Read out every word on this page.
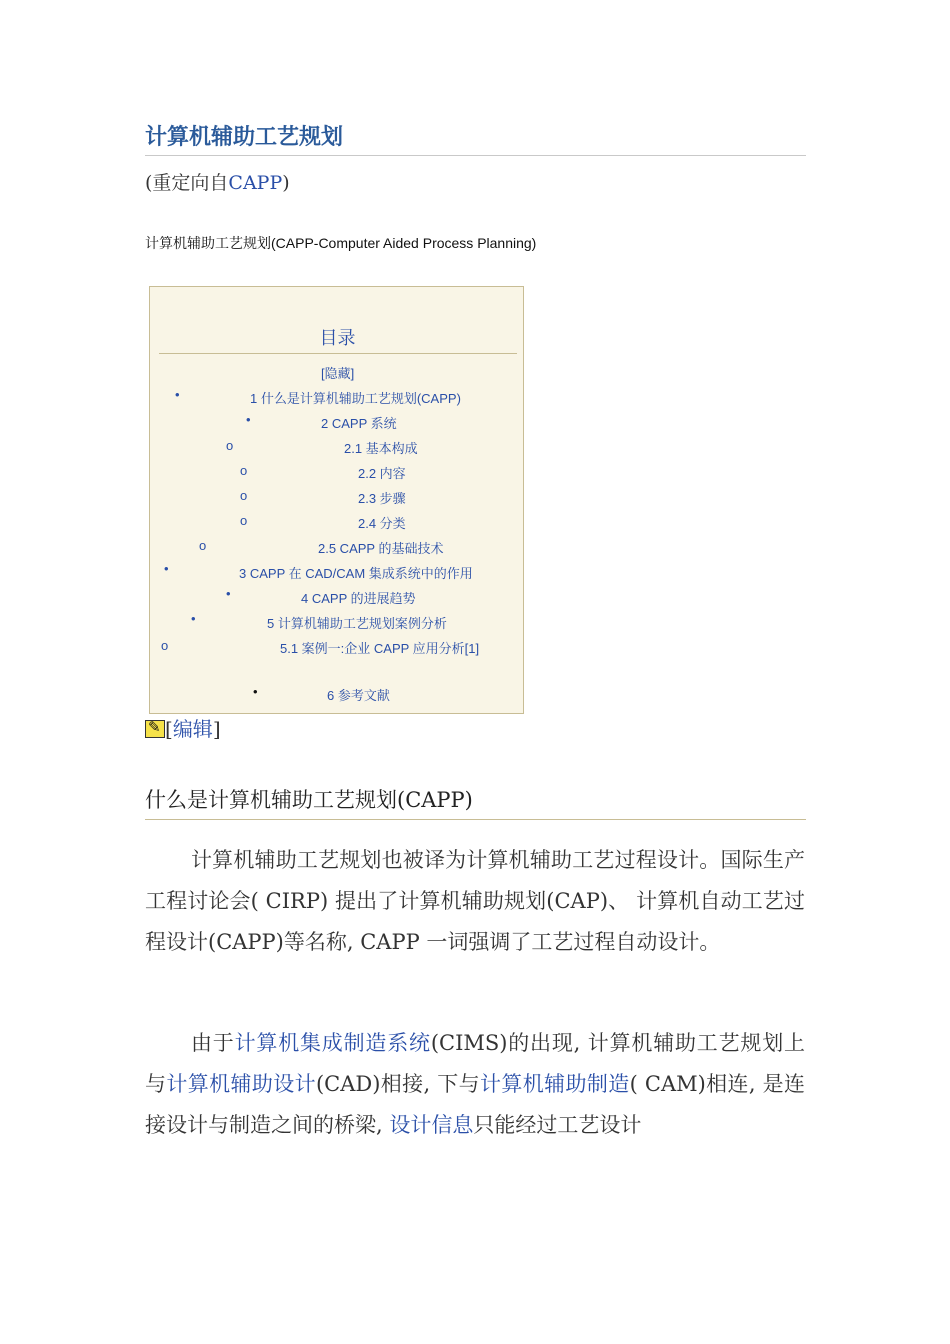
计算机辅助工艺规划
(重定向自CAPP)
计算机辅助工艺规划(CAPP-Computer Aided Process Planning)
目录
[隐藏]
•	1 什么是计算机辅助工艺规划(CAPP)
•	2 CAPP 系统
o	2.1 基本构成
o	2.2 内容
o	2.3 步骤
o	2.4 分类
o	2.5 CAPP 的基础技术
•	3 CAPP 在 CAD/CAM 集成系统中的作用
•	4 CAPP 的进展趋势
•	5 计算机辅助工艺规划案例分析
o	5.1 案例一:企业 CAPP 应用分析[1]
•	6 参考文献
✎[编辑]
什么是计算机辅助工艺规划(CAPP)
计算机辅助工艺规划也被译为计算机辅助工艺过程设计。国际生产工程讨论会( CIRP) 提出了计算机辅助规划(CAP)、 计算机自动工艺过程设计(CAPP)等名称, CAPP 一词强调了工艺过程自动设计。
由于计算机集成制造系统(CIMS)的出现, 计算机辅助工艺规划上与计算机辅助设计(CAD)相接, 下与计算机辅助制造( CAM)相连, 是连接设计与制造之间的桥梁, 设计信息只能经过工艺设计
